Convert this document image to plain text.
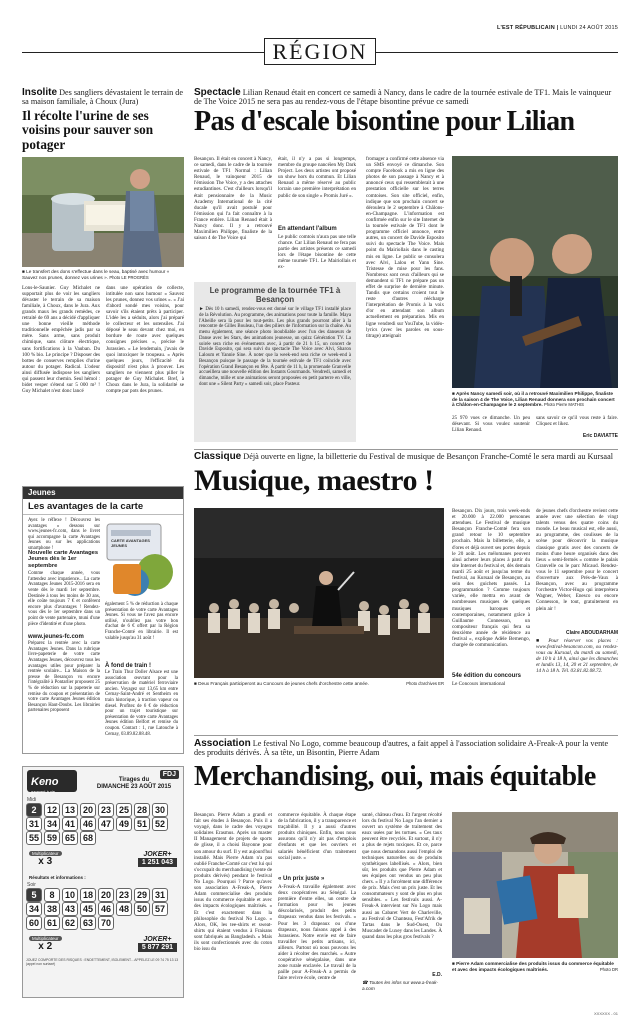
L'EST RÉPUBLICAIN | LUNDI 24 AOÛT 2015
RÉGION
Insolite Des sangliers dévastaient le terrain de sa maison familiale, à Choux (Jura)
Il récolte l'urine de ses voisins pour sauver son potager
■ Le transfert des dons s'effectue dans le seau, baptisé avec humour « Sauvez nos prunes, donnez vos urines ». Photo LE PROGRÈS
Lons-le-Saunier. Guy Michalet ne supportait plus de voir les sangliers dévaster le terrain de sa maison familiale, à Choux, dans le Jura. Aux grands maux les grands remèdes, ce retraité de 69 ans a décidé d'appliquer une bonne vieille méthode traditionnelle empêchée jadis par sa mère. Sans arme, sans produit chimique, sans clôture électrique, sans fortifications à la Vauban. Du 100 % bio. Le principe ? Disposer des bottes de conserves remplies d'urine autour du potager. Radical. L'odeur ainsi diffusée indispose les sangliers qui passent leur chemin. Seul hémol : bidet vesper s'étend sur 5 000 m² ! Guy Michalet n'est donc lancé
dans une opération de collecte, intitulée non sans humour « Sauvez les prunes, donnez vos urines ». « J'ai d'abord sondé mes voisins, pour savoir s'ils étaient prêts à participer. L'idée les a séduits, alors j'ai préparé le collecteur et les ustensiles. J'ai déposé le seau devant chez moi, en bordure de route avec quelques consignes précises », précise le Jurassien. « Le lendemain, j'avais de quoi intoxiquer le troupeau. » Après quelques jours, l'efficacité du dispositif n'est plus à prouver. Les sangliers ne viennent plus piller le potager de Guy Michalet. Bref, à Choux dans le Jura, la solidarité se compte par pots des prunes.
Spectacle Lilian Renaud était en concert ce samedi à Nancy, dans le cadre de la tournée estivale de TF1. Mais le vainqueur de The Voice 2015 ne sera pas au rendez-vous de l'étape bisontine prévue ce samedi
Pas d'escale bisontine pour Lilian
Besançon. Il était en concert à Nancy, ce samedi, dans le cadre de la tournée estivale de TF1 Normal : Lilian Renaud, le vainqueur 2015 de l'émission The Voice, y a des attaches estudiantines. C'est d'ailleurs lorsqu'il était pensionnaire de la Music Academy International de la cité ducale qu'il avait postulé pour l'émission qui l'a fait connaître à la France entière. Lilian Renaud était à Nancy donc. Il y a retrouvé Maximilien Philippe, finaliste de la saison 4 de The Voice qui
était, il n'y a pas si longtemps, membre du groupe nancéien My Dark Project. Les deux artistes ont proposé un show hors du commun. Et Lilian Renaud a même réservé au public lorrain une première interprétation en public de son single « Promis Juré ».
En attendant l'album
Le public comtois n'aura pas une telle chance. Car Lilian Renaud ne fera pas partie des artistes présents ce samedi lors de l'étape bisontine de cette même tournée TF1. Le Mairiollais et ex-
Le programme de la tournée TF1 à Besançon
► Dès 10 h samedi, rendez-vous est donné sur le village TF1 installé place de la Révolution. Au programme, des animations pour toute la famille. Maya l'Abeille sera là pour les tout-petits. Les plus grands pourront aller à la rencontre de Gilles Bouleau, l'un des piliers de l'information sur la chaîne. Au menu également, une séance photo inoubliable avec l'un des danseurs de Danse avec les Stars, des animations jeunesse, un quizz Génération TV. La soirée sera riche en événements avec, à partir de 21 h 15, un concert de Davide Esposito, qui sera suivi du spectacle The Voice avec Alvi, Sharon Laloum et Yannie Sine. À noter que la week-end sera riche ce week-end à Besançon puisque le passage de la tournée estivale de TF1 coïncide avec l'opération Grand Besançon en fête. À partir de 11 h, la promenade Granvelle accueillera une nouvelle édition des Instants Gourmands. Vendredi, samedi et dimanche, mille et une animations seront proposées en petit parterre en ville, dont une « Silent Party » samedi soir, place Pasteur.
fromager a confirmé cette absence via un SMS envoyé ce dimanche. Son compte Facebook a mis en ligne des photos de son passage à Nancy et à annoncé ceux qui ressemblerait à une prestation officielle sur les terres comtoises. Son site officiel, enfin, indique que son prochain concert se déroulera le 2 septembre à Châlons-en-Champagne. L'information est confirmée enfin sur le site Internet de la tournée estivale de TF1 dont le programme officiel annonce, entre autres, un concert de Davide Esposito suivi du spectacle The Voice. Mais point du Mairiollais dans le casting mis en ligne. Le public se consolera avec Alvi, Lalou et Yann Sine. Tristesse de mise pour les fans. Nombreux sont ceux d'ailleurs qui se demandent si TF1 ne prépare pas un effet de surprise de dernière minute. Tandis que certains croient tout le reste d'autres réécharge l'interprétation de Promis à la voix d'or en attendant son album actuellement en préparation. Mis en ligne vendredi sur YouTube, la vidéo-lyrics (avec les paroles en sous-titrage) atteignait
■ Après Nancy samedi soir, où il a retrouvé Maximilien Philippe, finaliste de la saison 4 de The Voice, Lilian Renaud donnera son prochain concert à Châlon-en-Champagne le 2 septembre. Photo Pierre MATHIS
25 970 vues ce dimanche. Un peu désevant. Si vous voulez soutenir Lilian Renaud.
sans savoir ce qu'il vous reste à faire. Cliquez et likez.
Eric DAVIATTE
Classique Déjà ouverte en ligne, la billetterie du Festival de musique de Besançon Franche-Comté le sera mardi au Kursaal
Musique, maestro !
■ Deux Français participeront au Concours de jeunes chefs d'orchestre cette année.	Photo d'archives ER
Besançon. Dix jours, trois week-ends et 20.000 à 22.000 personnes attendues. Le Festival de musique Besançon Franche-Comté fera son grand retour le 10 septembre prochain. Mais la billetterie, elle, a d'ores et déjà ouvert ses portes depuis le 20 août. Les mélomanes peuvent ainsi acheter leurs places à partir du site Internet du festival et, dès demain mardi 25 août et jusqu'au terme du festival, au Kursaal de Besançon, au sein des guichets passés. La programmation ? Comme toujours variée, elle mettra en avant de nombreuses musiques de quelques musiques baroques et contemporaines, notamment grâce à Guillaume Connesson, un compositeur français qui fera sa deuxième année de résidence au festival », explique Adèle Bernengo, chargée de communication.
54e édition du concours
Le Concours international
de jeunes chefs d'orchestre revient cette année avec une sélection de vingt talents venus des quatre coins du monde. Le beau musical est, elle aussi, au programme, des coulisses de la scène pour découvrir la musique classique gratis avec des concerts de moins d'une heure organisés dans des lieux « semi-fermés » comme le palais Granvelle ou le parc Micaud. Rendez-vous le 11 septembre pour le concert d'ouverture aux Prés-de-Vaux à Besançon, avec au programme l'orchestre Victor-Hugo qui interprétera Wagner, Weber, Enesco ou encore Connesson, le tout, gratuitement en plein air !
Claire ABOUDARHAM
■ Pour réserver vos places : www.festival-besancon.com, ou rendez-vous au Kursaal, du mardi au samedi, de 10 h à 18 h, ainsi que les dimanches et lundis 13, 14, 20 et 21 septembre, de 14 h à 18 h. Tél. 03.81.82.08.72.
Jeunes
Les avantages de la carte
Ayez le réflexe ! Découvrez les avantages « dessous sur www.jeunes-fc.com, dans le livret qui accompagne la carte Avantages Jeunes ou sur les applications smartphone !
Nouvelle carte Avantages Jeunes dès le 1er septembre
Comme chaque année, vous l'attendez avec impatience... La carte Avantages Jeunes 2015-2016 sera en vente dès le mardi 1er septembre. Destinée à tous les moins de 30 ans, elle coûte toujours 7 € et confèrent encore plus d'avantages ! Rendez-vous dès le 1er septembre dans un point de vente partenaire, muni d'une pièce d'identité et d'une photo.
www.jeunes-fc.com
Préparez la rentrée avec la carte Avantages Jeunes. Dans la rubrique livre-papeterie de votre carte Avantages Jeunes, découvrez tous les avantages utiles pour préparer la rentrée scolaire... La Maison de la presse de Besançon vu encore l'intégralité à Pontarlier proposent 25 % de réduction sur la papeterie sur remise du coupon et présentation de votre carte Avantages Jeunes édition Besançon Haut-Doubs. Les librairies partenaires proposent
CARTE AVANTAGES JEUNES
également 5 % de réduction à chaque présentation de votre carte Avantages Jeunes. Si vous ne l'avez pas encore utilisé, n'oubliez pas votre bon d'achat de 6 € offert par la Région Franche-Comté en librairie. Il est valable jusqu'au 31 août !
À fond de train !
Le Train Thur Doller Alsace est une association œuvrant pour la préservation de matériel ferroviaire ancien. Voyagez sur 13,65 km entre Cernay-Saint-André et Sentheim en train historique, à traction vapeur ou diesel. Profitez de 6 € de réduction pour un trajet touristique sur présentation de votre carte Avantages Jeunes édition Belfort et remise du coupon. Contact : 1, rue Latouche à Cernay, 03.89.82.88.48.
Keno
gagnant à vie
FDJ
Tirages du
DIMANCHE 23 AOÛT 2015
Midi
2 12 13 20 23 25 28 3031 34 41 46 47 49 51 5255 59 65 68
Multiplicateur
x 3
JOKER+
1 251 043
Résultats et informations :
Soir
5 8 10 18 20 23 29 3134 38 43 45 46 48 50 5760 61 62 63 70
Multiplicateur
x 2
JOKER+
5 877 291
JOUEZ COMPORTE DES RISQUES : ENDETTEMENT, ISOLEMENT... APPELEZ LE 09 74 75 13 13 (appel non surtaxé)
Association Le festival No Logo, comme beaucoup d'autres, a fait appel à l'association solidaire A-Freak-A pour la vente des produits dérivés. À sa tête, un Bisontin, Pierre Adam
Merchandising, oui, mais équitable
Besançon. Pierre Adam a grandi et fait ses études à Besançon. Puis il a voyagé, dans le cadre des voyages solidaires Erasmus. Après un master II Management de projets de sports de glisse, il a choisi Bayonne pour son amour du surf. Il y est aujourd'hui installé. Mais Pierre Adam n'a pas oublié Franche-Comté car c'est lui qui s'occupait du merchandising (vente de produits dérivés) pendant le festival No Logo. Pourquoi ? Parce qu'avec son association A-Freak-A, Pierre Adam commercialise des produits issus du commerce équitable et avec des impacts écologiques maîtrisés. « Et c'est exactement dans la philosophie du festival No Logo. » Alors, OK, les tee-shirts et sweat-shirts qui étaient vendus à Fraisans sont fabriqués au Bangladesh. « Mais ils sont confectionnés avec du coton bio issu du
commerce équitable. À chaque étape de la fabrication, il y a transparence et traçabilité. Il y a aussi d'autres produits chiniques. Enfin, nous nous assurons qu'il n'y ait pas d'emplois d'enfants et que les ouvriers et salariés bénéficient d'un traitement social juste. »
« Un prix juste »
A-Freak-A travaille également avec deux coopératives au Sénégal. La première d'entre elles, un centre de formation pour les jeunes déscolarisés, produit des petits drapeaux vendus dans les festivals. « Pour les 3 drapeaux ou d'une drapeaux, nous faisons appel à des Jurassiens. Notre envie est de faire travailler les petits artisans, ici, ailleurs. Partout où nous pouvons les aider à récolter des marchés. » Autre coopérative sénégalaise, dans une zone rurale enclavée. Le travail de la paille pour A-Freak-A a permis de faire revivre école, centre de
santé, château d'eau. Et l'argent récolté lors du festival No Logo l'an dernier a ouvert un système de traitement des eaux usées par les tortues. « Ces taux peuvent être recyclés. Et surtout, il n'y a plus de rejets toxiques. Et ce, parce que nous demandons aussi l'emploi de techniques naturelles ou de produits synthétiques labellisés. » Alors, bien sûr, les produits que Pierre Adam et ses équipes ont vendus un peu plus chers. « Il y a forcément une différence de prix. Mais c'est un prix juste. Et les consommateurs y sont de plus en plus sensibles. » Les festivals aussi. A-Freak-A intervient sur No Logo mais aussi au Cabaret Vert de Charleville, au Festival de Chanteau, Fest'Afrik de Tartas dans le Sud-Ouest, Ou Muscadet de Luxey dans les Landes. À quand dans les plus gros festivals ?
E.D.
☎ Toutes les infos sur www.a-freak-a.com
■ Pierre Adam commercialise des produits issus du commerce équitable et avec des impacts écologiques maîtrisés.	Photo DR
XXXXXX - 01
